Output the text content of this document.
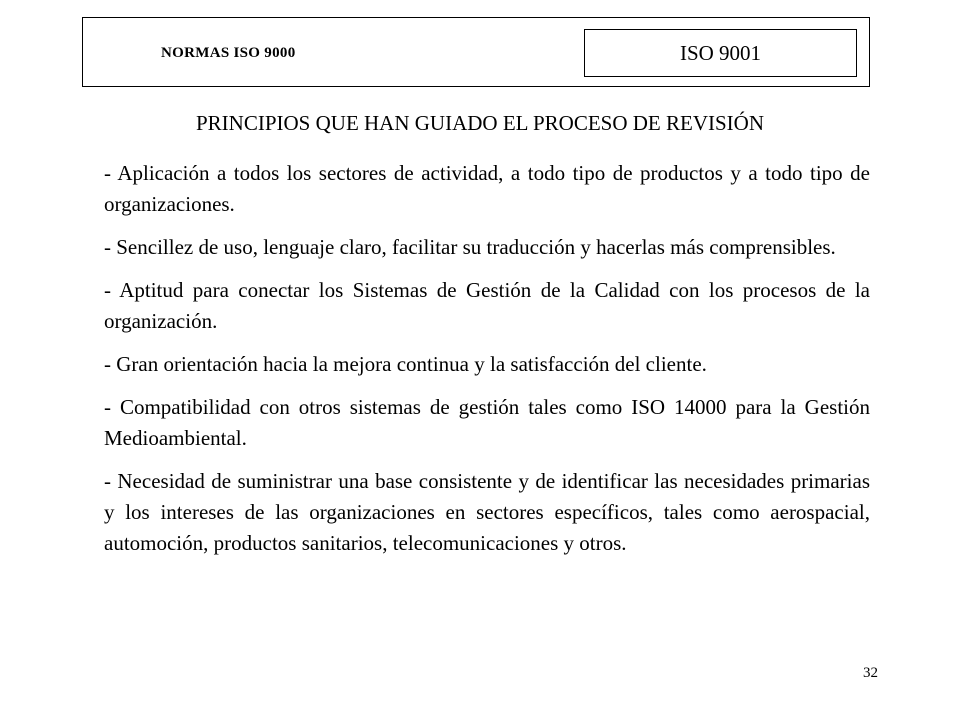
NORMAS ISO 9000	ISO 9001
PRINCIPIOS QUE HAN GUIADO EL PROCESO DE REVISIÓN

- Aplicación a todos los sectores de actividad, a todo tipo de productos y a todo tipo de organizaciones.

- Sencillez de uso, lenguaje claro, facilitar su traducción y hacerlas más comprensibles.

- Aptitud para conectar los Sistemas de Gestión de la Calidad con los procesos de la organización.

- Gran orientación hacia la mejora continua y la satisfacción del cliente.

- Compatibilidad con otros sistemas de gestión tales como ISO 14000 para la Gestión Medioambiental.

- Necesidad de suministrar una base consistente y de identificar las necesidades primarias y los intereses de las organizaciones en sectores específicos, tales como aerospacial, automoción, productos sanitarios, telecomunicaciones y otros.

32
